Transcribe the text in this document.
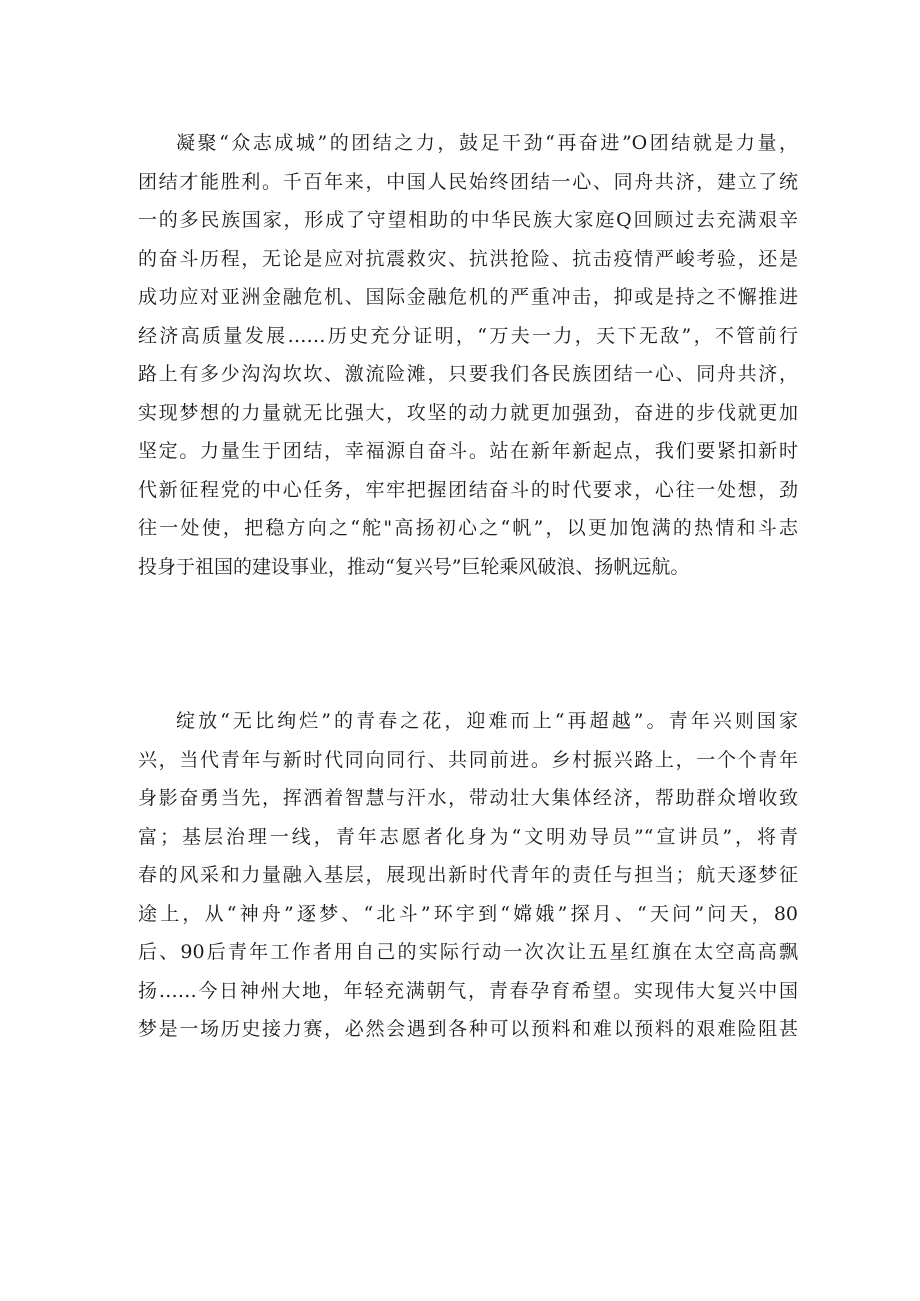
凝聚“众志成城”的团结之力，鼓足干劲“再奋进”O团结就是力量，
团结才能胜利。千百年来，中国人民始终团结一心、同舟共济，建立了统
一的多民族国家，形成了守望相助的中华民族大家庭Q回顾过去充满艰辛
的奋斗历程，无论是应对抗震救灾、抗洪抢险、抗击疫情严峻考验，还是
成功应对亚洲金融危机、国际金融危机的严重冲击，抑或是持之不懈推进
经济高质量发展……历史充分证明，“万夫一力，天下无敌”，不管前行
路上有多少沟沟坎坎、激流险滩，只要我们各民族团结一心、同舟共济，
实现梦想的力量就无比强大，攻坚的动力就更加强劲，奋进的步伐就更加
坚定。力量生于团结，幸福源自奋斗。站在新年新起点，我们要紧扣新时
代新征程党的中心任务，牢牢把握团结奋斗的时代要求，心往一处想，劲
往一处使，把稳方向之“舵"高扬初心之“帆”，以更加饱满的热情和斗志
投身于祖国的建设事业，推动“复兴号”巨轮乘风破浪、扬帆远航。
绽放“无比绚烂”的青春之花，迎难而上“再超越”。青年兴则国家
兴，当代青年与新时代同向同行、共同前进。乡村振兴路上，一个个青年
身影奋勇当先，挥洒着智慧与汗水，带动壮大集体经济，帮助群众增收致
富；基层治理一线，青年志愿者化身为“文明劝导员”“宣讲员”，将青
春的风采和力量融入基层，展现出新时代青年的责任与担当；航天逐梦征
途上，从“神舟”逐梦、“北斗”环宇到“嫦娥”探月、“天问”问天，80
后、90后青年工作者用自己的实际行动一次次让五星红旗在太空高高飘
扬……今日神州大地，年轻充满朝气，青春孕育希望。实现伟大复兴中国
梦是一场历史接力赛，必然会遇到各种可以预料和难以预料的艰难险阻甚
